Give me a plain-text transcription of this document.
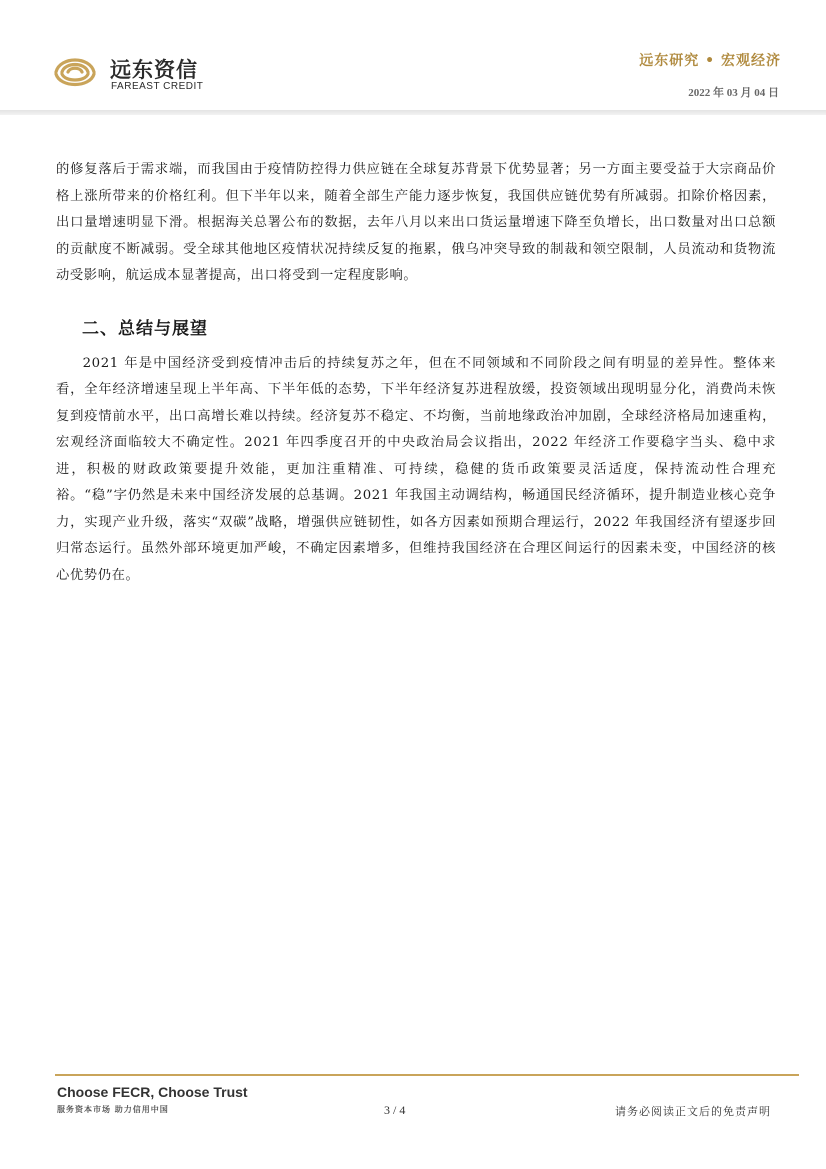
远东资信
FAREAST CREDIT
远东研究 • 宏观经济
2022 年 03 月 04 日

的修复落后于需求端，而我国由于疫情防控得力供应链在全球复苏背景下优势显著；另一方面主要受益于大宗商品价格上涨所带来的价格红利。但下半年以来，随着全部生产能力逐步恢复，我国供应链优势有所减弱。扣除价格因素，出口量增速明显下滑。根据海关总署公布的数据，去年八月以来出口货运量增速下降至负增长，出口数量对出口总额的贡献度不断减弱。受全球其他地区疫情状况持续反复的拖累，俄乌冲突导致的制裁和领空限制，人员流动和货物流动受影响，航运成本显著提高，出口将受到一定程度影响。

二、总结与展望

2021 年是中国经济受到疫情冲击后的持续复苏之年，但在不同领域和不同阶段之间有明显的差异性。整体来看，全年经济增速呈现上半年高、下半年低的态势，下半年经济复苏进程放缓，投资领域出现明显分化，消费尚未恢复到疫情前水平，出口高增长难以持续。经济复苏不稳定、不均衡，当前地缘政治冲加剧，全球经济格局加速重构，宏观经济面临较大不确定性。2021 年四季度召开的中央政治局会议指出，2022 年经济工作要稳字当头、稳中求进，积极的财政政策要提升效能，更加注重精准、可持续，稳健的货币政策要灵活适度，保持流动性合理充裕。“稳”字仍然是未来中国经济发展的总基调。2021 年我国主动调结构，畅通国民经济循环，提升制造业核心竞争力，实现产业升级，落实“双碳”战略，增强供应链韧性，如各方因素如预期合理运行，2022 年我国经济有望逐步回归常态运行。虽然外部环境更加严峻，不确定因素增多，但维持我国经济在合理区间运行的因素未变，中国经济的核心优势仍在。

Choose FECR, Choose Trust
服务资本市场 助力信用中国	3 / 4	请务必阅读正文后的免责声明
